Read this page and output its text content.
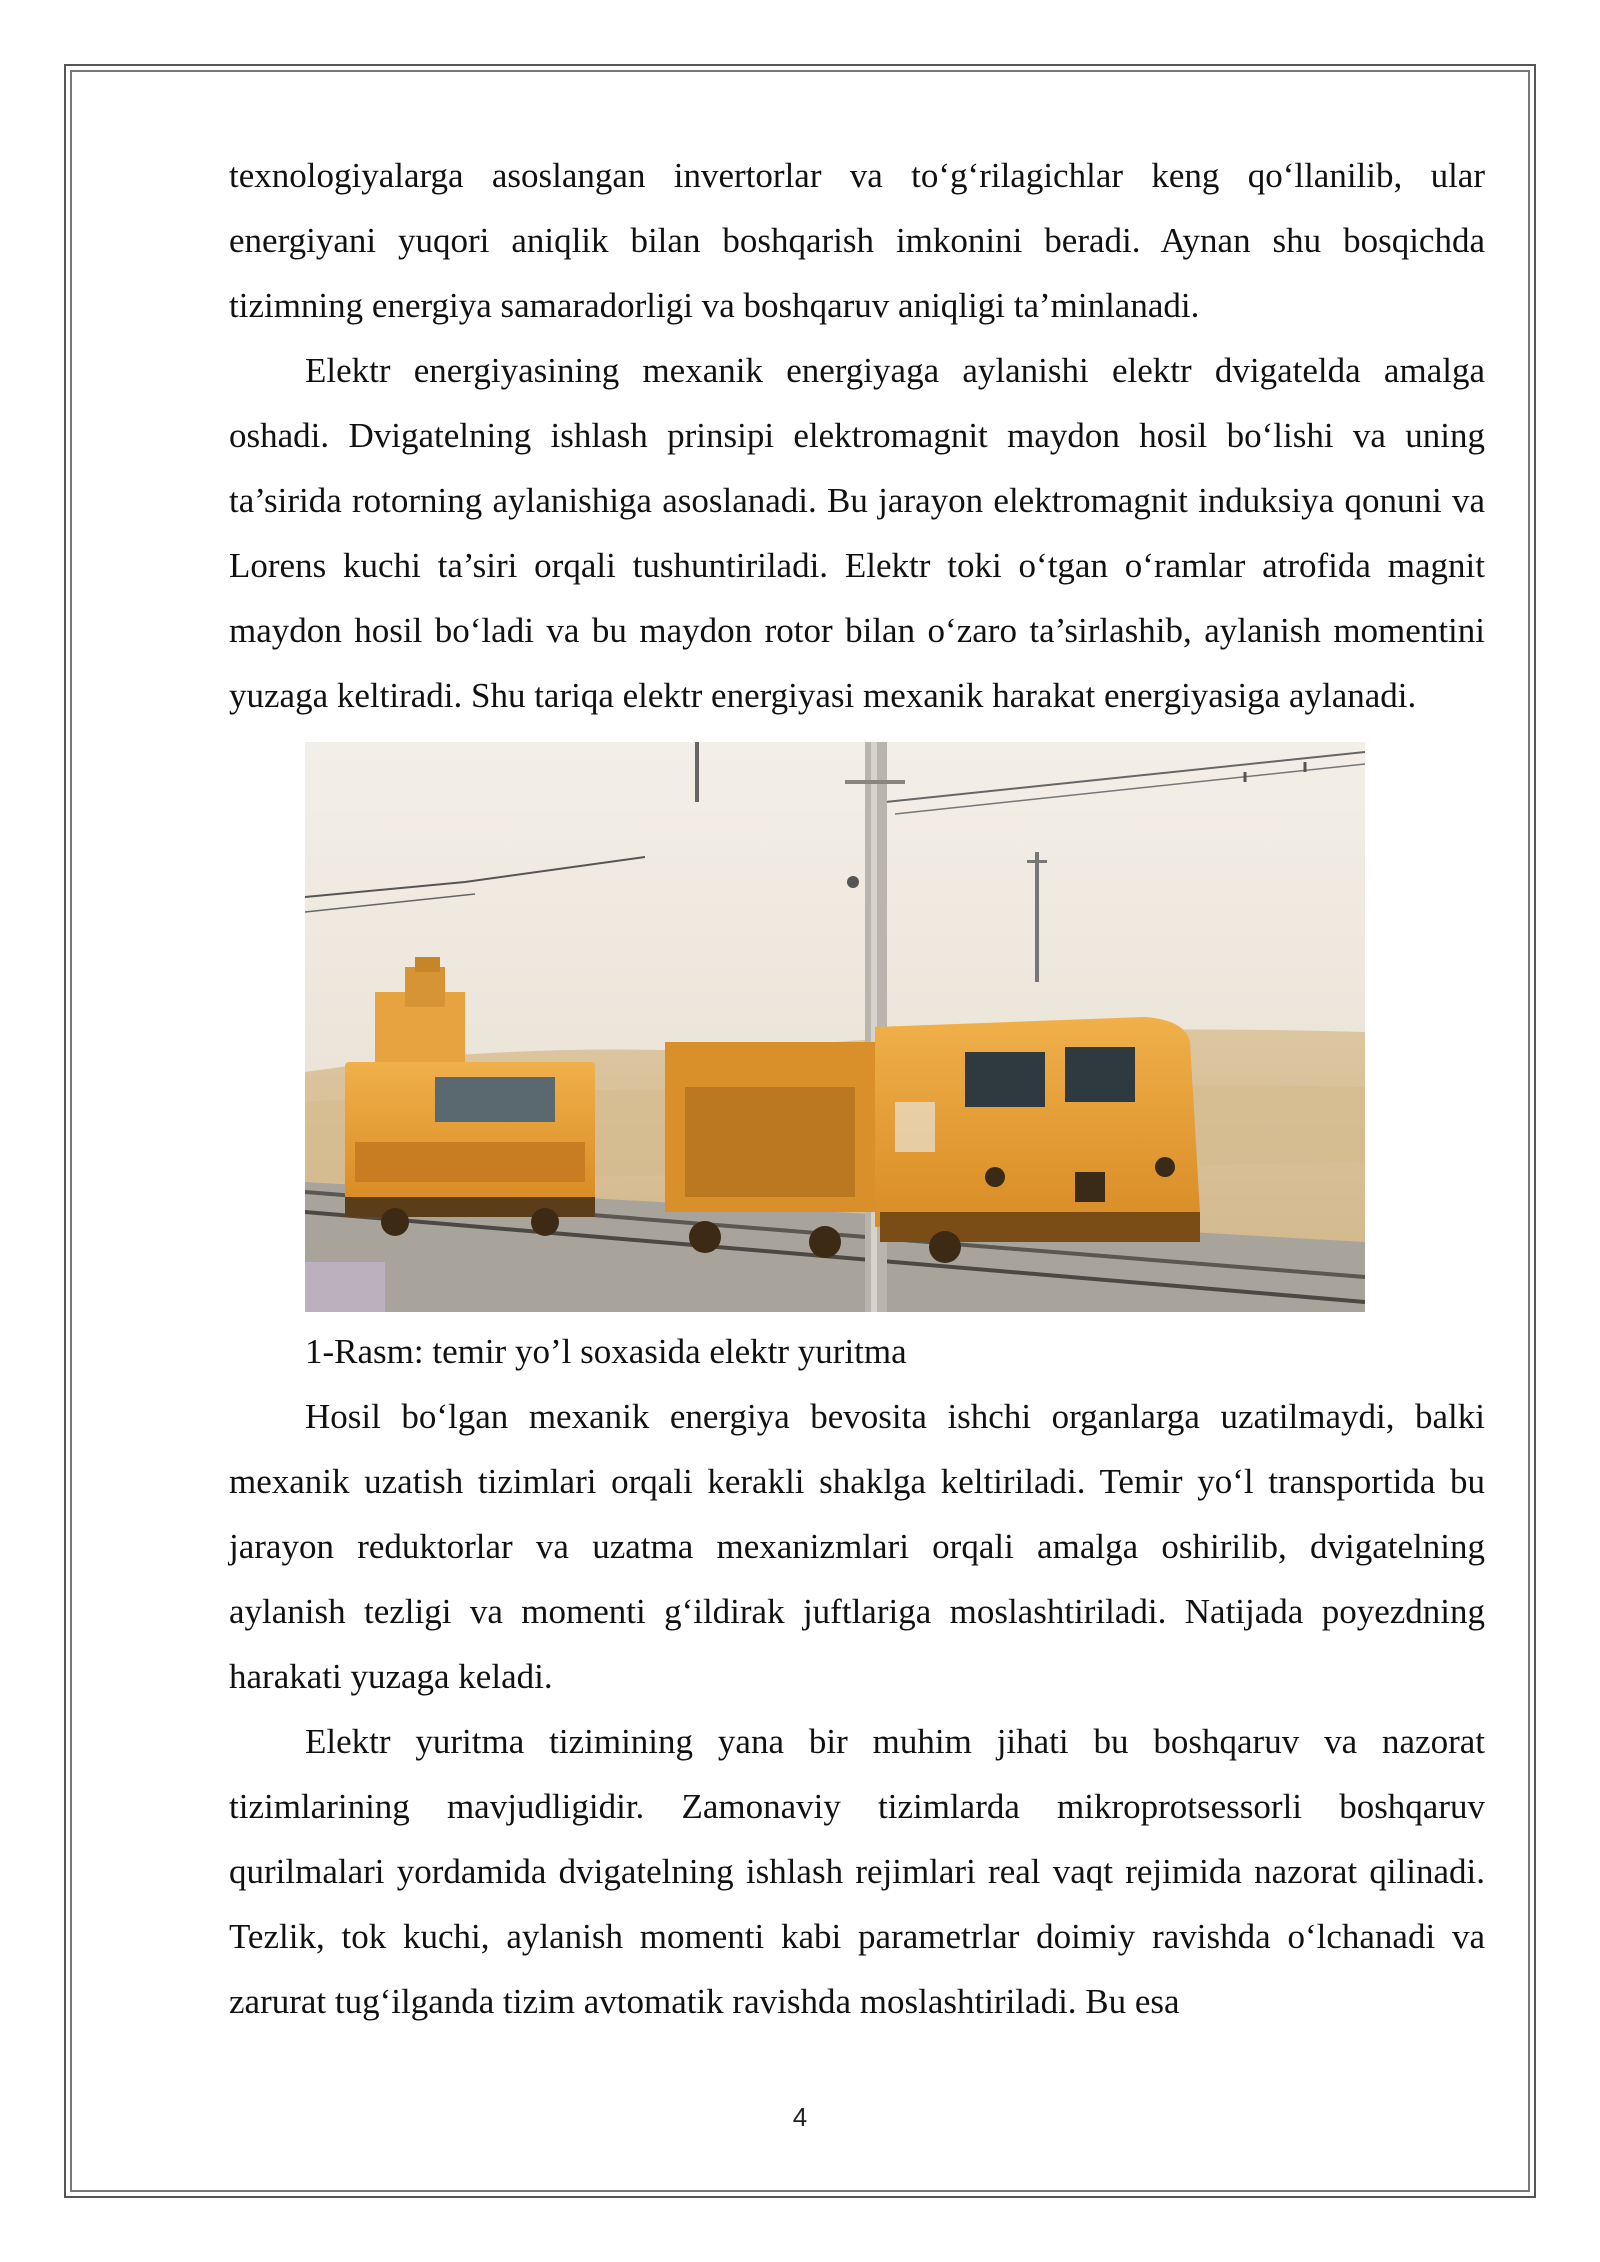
texnologiyalarga asoslangan invertorlar va to‘g‘rilagichlar keng qo‘llanilib, ular energiyani yuqori aniqlik bilan boshqarish imkonini beradi. Aynan shu bosqichda tizimning energiya samaradorligi va boshqaruv aniqligi ta’minlanadi.

Elektr energiyasining mexanik energiyaga aylanishi elektr dvigatelda amalga oshadi. Dvigatelning ishlash prinsipi elektromagnit maydon hosil bo‘lishi va uning ta’sirida rotorning aylanishiga asoslanadi. Bu jarayon elektromagnit induksiya qonuni va Lorens kuchi ta’siri orqali tushuntiriladi. Elektr toki o‘tgan o‘ramlar atrofida magnit maydon hosil bo‘ladi va bu maydon rotor bilan o‘zaro ta’sirlashib, aylanish momentini yuzaga keltiradi. Shu tariqa elektr energiyasi mexanik harakat energiyasiga aylanadi.

1-Rasm: temir yo’l soxasida elektr yuritma

Hosil bo‘lgan mexanik energiya bevosita ishchi organlarga uzatilmaydi, balki mexanik uzatish tizimlari orqali kerakli shaklga keltiriladi. Temir yo‘l transportida bu jarayon reduktorlar va uzatma mexanizmlari orqali amalga oshirilib, dvigatelning aylanish tezligi va momenti g‘ildirak juftlariga moslashtiriladi. Natijada poyezdning harakati yuzaga keladi.

Elektr yuritma tizimining yana bir muhim jihati bu boshqaruv va nazorat tizimlarining mavjudligidir. Zamonaviy tizimlarda mikroprotsessorli boshqaruv qurilmalari yordamida dvigatelning ishlash rejimlari real vaqt rejimida nazorat qilinadi. Tezlik, tok kuchi, aylanish momenti kabi parametrlar doimiy ravishda o‘lchanadi va zarurat tug‘ilganda tizim avtomatik ravishda moslashtiriladi. Bu esa

4
